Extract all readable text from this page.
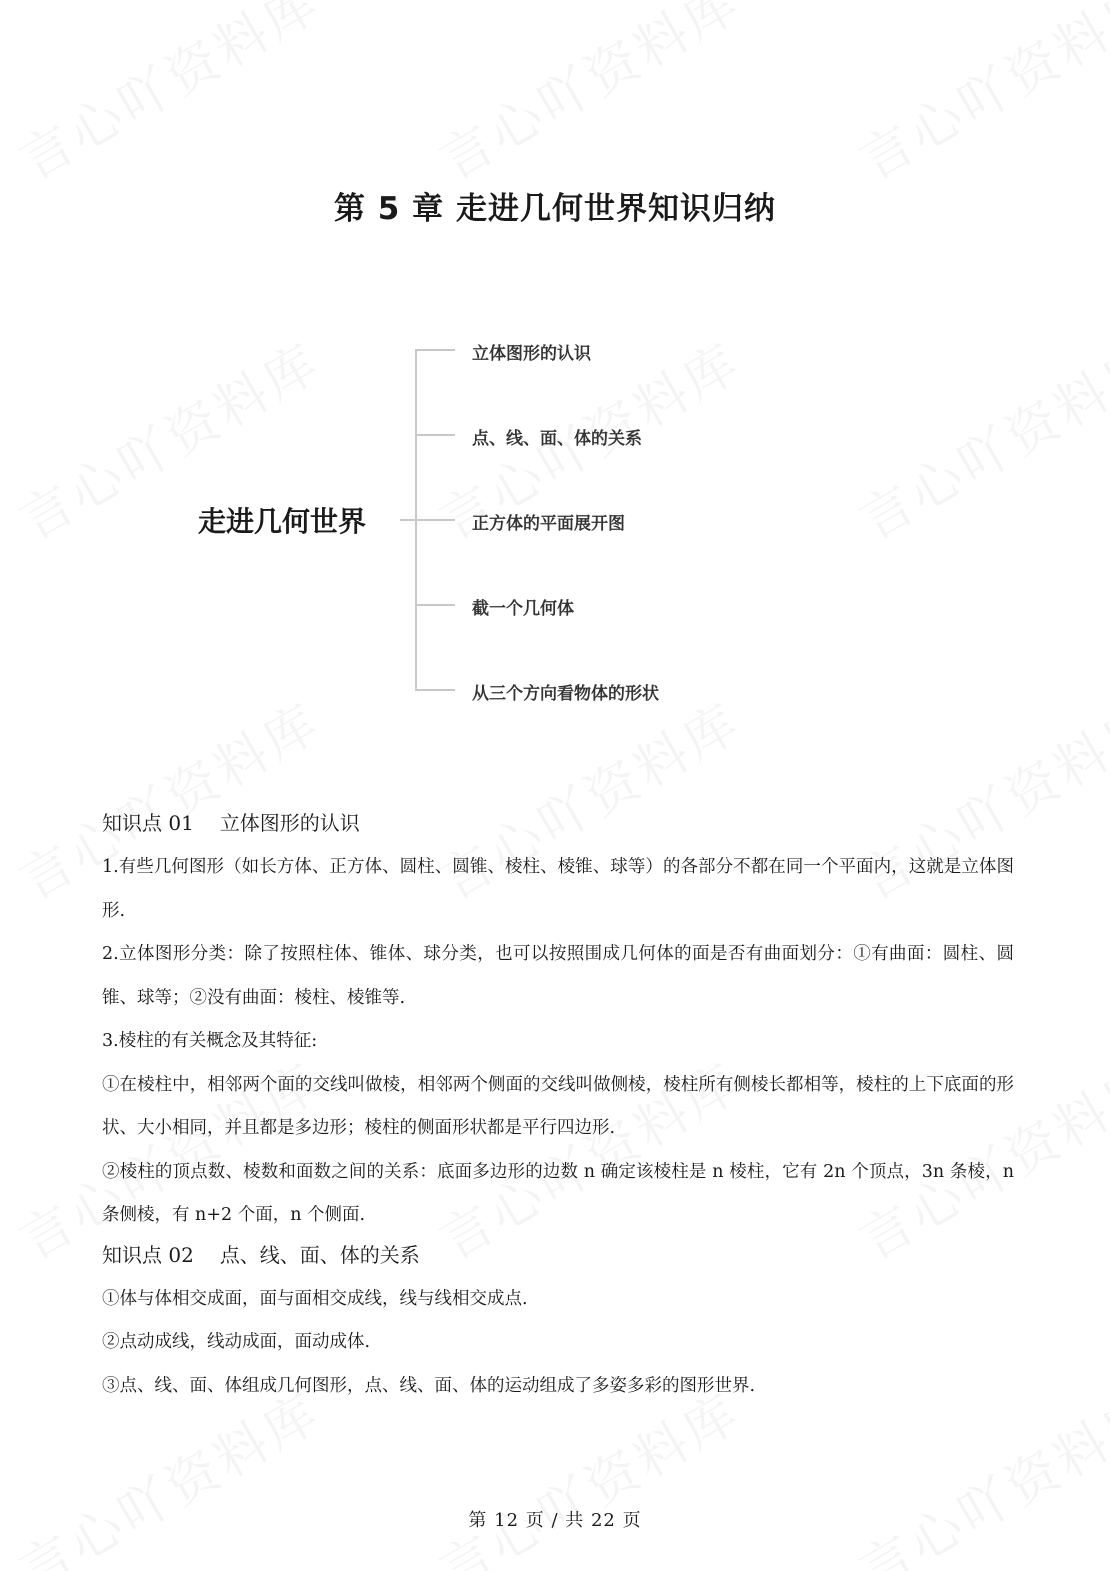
第 5 章 走进几何世界知识归纳
走进几何世界
立体图形的认识
点、线、面、体的关系
正方体的平面展开图
截一个几何体
从三个方向看物体的形状
知识点 01 立体图形的认识

1.有些几何图形（如长方体、正方体、圆柱、圆锥、棱柱、棱锥、球等）的各部分不都在同一个平面内，这就是立体图形.

2.立体图形分类：除了按照柱体、锥体、球分类，也可以按照围成几何体的面是否有曲面划分：①有曲面：圆柱、圆锥、球等；②没有曲面：棱柱、棱锥等.

3.棱柱的有关概念及其特征:

①在棱柱中，相邻两个面的交线叫做棱，相邻两个侧面的交线叫做侧棱，棱柱所有侧棱长都相等，棱柱的上下底面的形状、大小相同，并且都是多边形；棱柱的侧面形状都是平行四边形.

②棱柱的顶点数、棱数和面数之间的关系：底面多边形的边数 n 确定该棱柱是 n 棱柱，它有 2n 个顶点，3n 条棱，n 条侧棱，有 n+2 个面，n 个侧面.

知识点 02 点、线、面、体的关系

①体与体相交成面，面与面相交成线，线与线相交成点.

②点动成线，线动成面，面动成体.

③点、线、面、体组成几何图形，点、线、面、体的运动组成了多姿多彩的图形世界.

第 12 页 / 共 22 页
